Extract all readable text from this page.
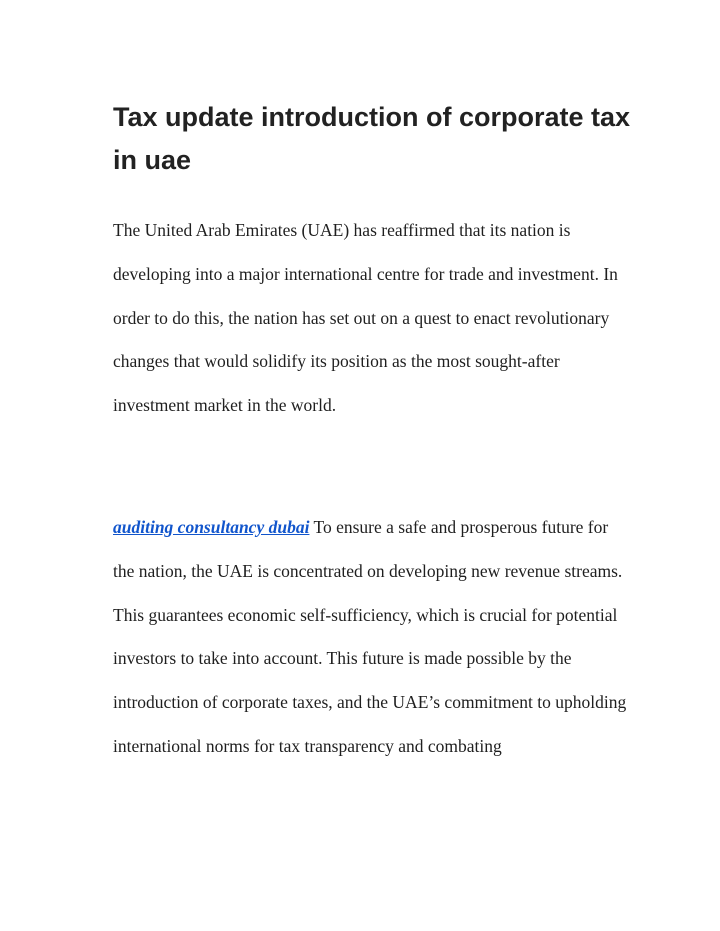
Tax update introduction of corporate tax in uae

The United Arab Emirates (UAE) has reaffirmed that its nation is developing into a major international centre for trade and investment. In order to do this, the nation has set out on a quest to enact revolutionary changes that would solidify its position as the most sought-after investment market in the world.

auditing consultancy dubai To ensure a safe and prosperous future for the nation, the UAE is concentrated on developing new revenue streams. This guarantees economic self-sufficiency, which is crucial for potential investors to take into account. This future is made possible by the introduction of corporate taxes, and the UAE’s commitment to upholding international norms for tax transparency and combating
